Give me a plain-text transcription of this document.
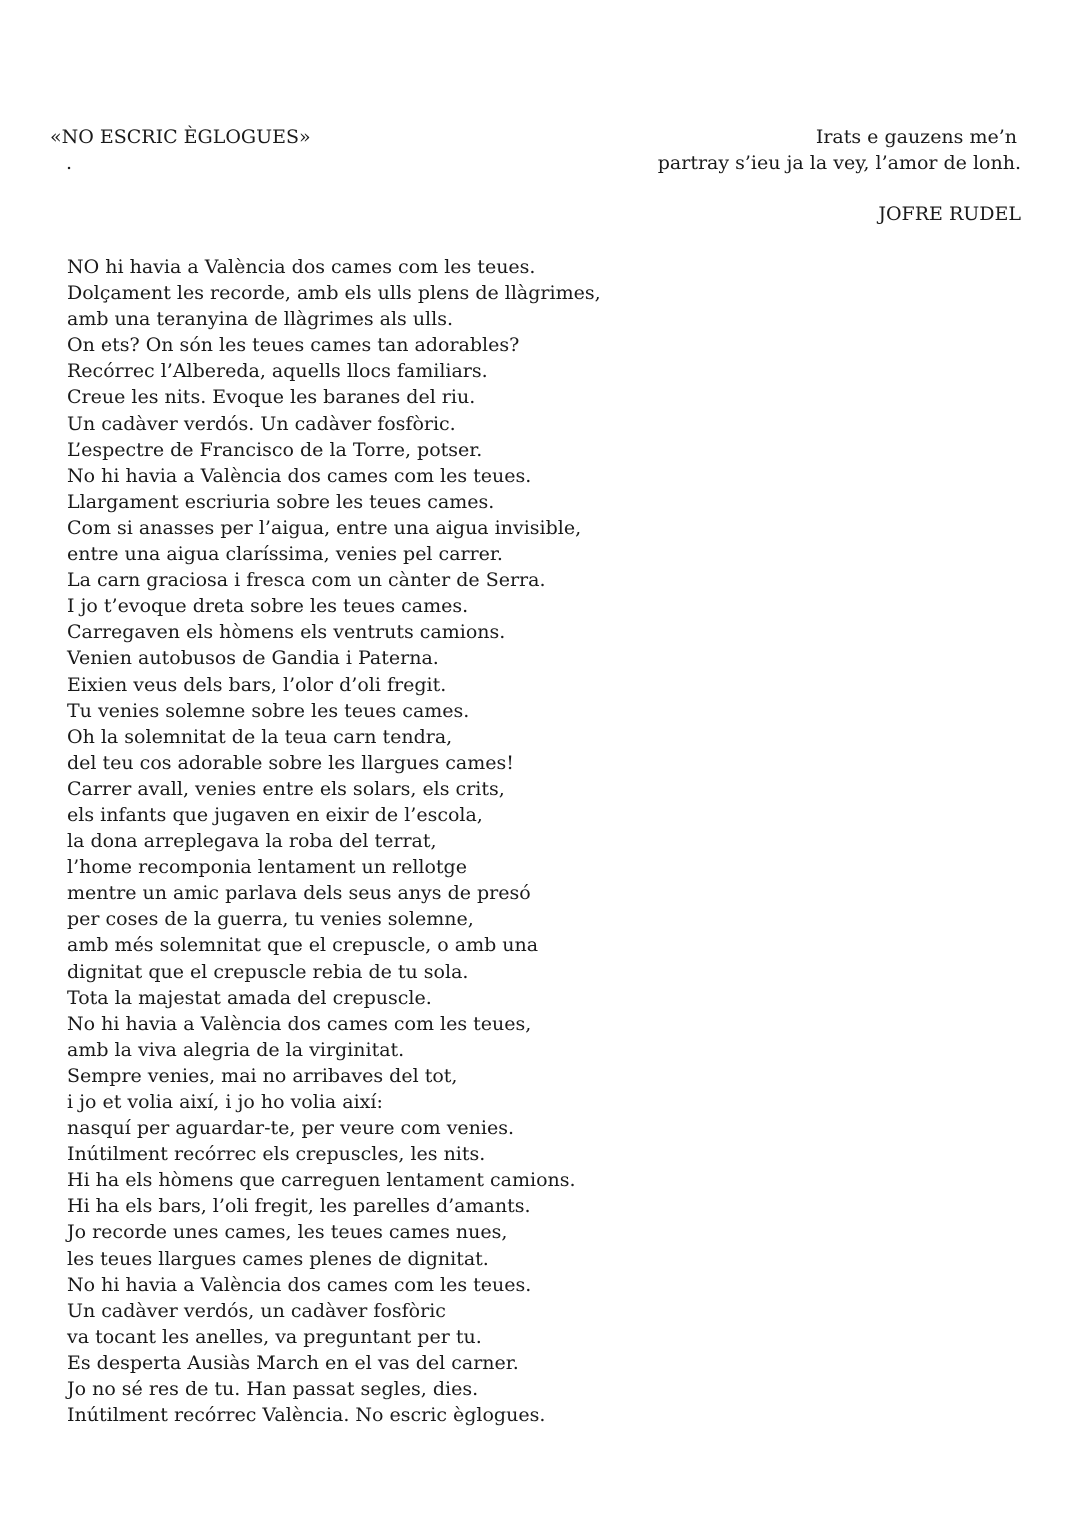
«NO ESCRIC ÈGLOGUES»
.
Irats e gauzens me’n
partray s’ieu ja la vey, l’amor de lonh.
JOFRE RUDEL
NO hi havia a València dos cames com les teues.
Dolçament les recorde, amb els ulls plens de llàgrimes,
amb una teranyina de llàgrimes als ulls.
On ets? On són les teues cames tan adorables?
Recórrec l’Albereda, aquells llocs familiars.
Creue les nits. Evoque les baranes del riu.
Un cadàver verdós. Un cadàver fosfòric.
L’espectre de Francisco de la Torre, potser.
No hi havia a València dos cames com les teues.
Llargament escriuria sobre les teues cames.
Com si anasses per l’aigua, entre una aigua invisible,
entre una aigua claríssima, venies pel carrer.
La carn graciosa i fresca com un cànter de Serra.
I jo t’evoque dreta sobre les teues cames.
Carregaven els hòmens els ventruts camions.
Venien autobusos de Gandia i Paterna.
Eixien veus dels bars, l’olor d’oli fregit.
Tu venies solemne sobre les teues cames.
Oh la solemnitat de la teua carn tendra,
del teu cos adorable sobre les llargues cames!
Carrer avall, venies entre els solars, els crits,
els infants que jugaven en eixir de l’escola,
la dona arreplegava la roba del terrat,
l’home recomponia lentament un rellotge
mentre un amic parlava dels seus anys de presó
per coses de la guerra, tu venies solemne,
amb més solemnitat que el crepuscle, o amb una
dignitat que el crepuscle rebia de tu sola.
Tota la majestat amada del crepuscle.
No hi havia a València dos cames com les teues,
amb la viva alegria de la virginitat.
Sempre venies, mai no arribaves del tot,
i jo et volia així, i jo ho volia així:
nasquí per aguardar-te, per veure com venies.
Inútilment recórrec els crepuscles, les nits.
Hi ha els hòmens que carreguen lentament camions.
Hi ha els bars, l’oli fregit, les parelles d’amants.
Jo recorde unes cames, les teues cames nues,
les teues llargues cames plenes de dignitat.
No hi havia a València dos cames com les teues.
Un cadàver verdós, un cadàver fosfòric
va tocant les anelles, va preguntant per tu.
Es desperta Ausiàs March en el vas del carner.
Jo no sé res de tu. Han passat segles, dies.
Inútilment recórrec València. No escric èglogues.
